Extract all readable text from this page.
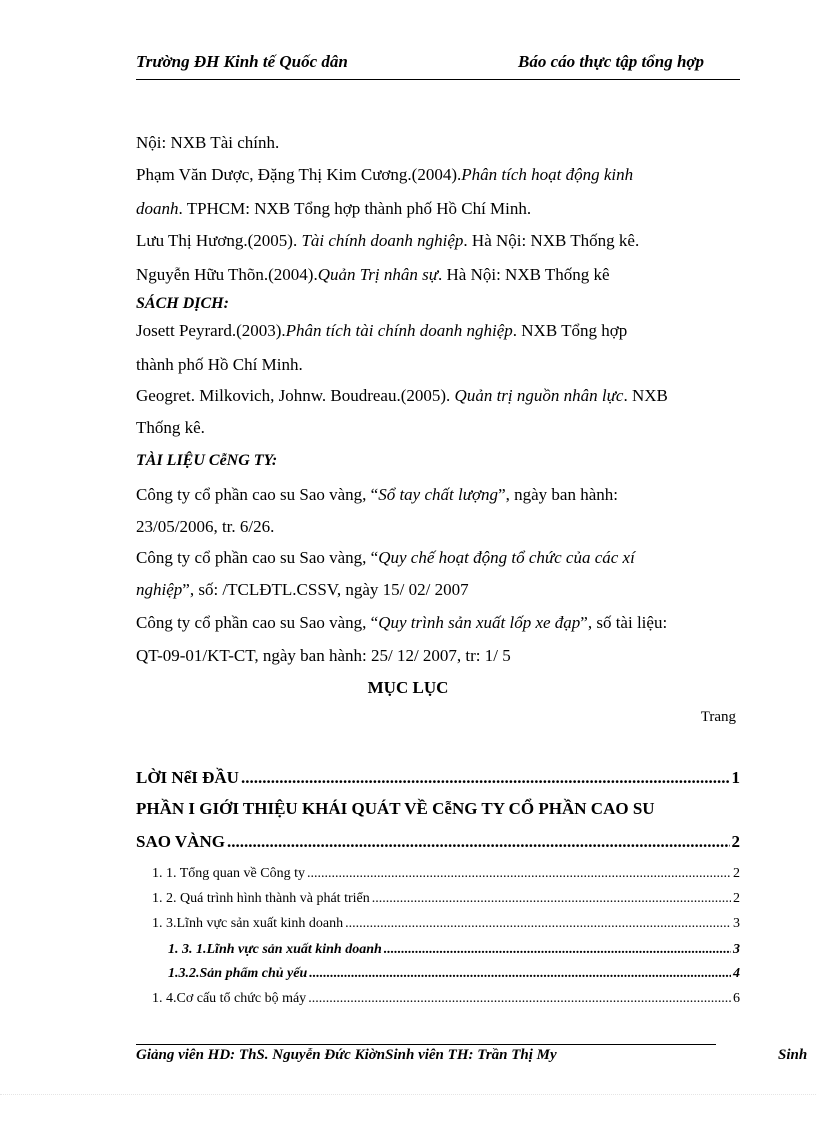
Trường ĐH Kinh tế Quốc dân	Báo cáo thực tập tổng hợp
Nội: NXB Tài chính.
Phạm Văn Dược, Đặng Thị Kim Cương.(2004).Phân tích hoạt động kinh
doanh. TPHCM: NXB Tổng hợp thành phố Hồ Chí Minh.
Lưu Thị Hương.(2005). Tài chính doanh nghiệp. Hà Nội: NXB Thống kê.
Nguyễn Hữu Thõn.(2004).Quản Trị nhân sự. Hà Nội: NXB Thống kê
SÁCH DỊCH:
Josett Peyrard.(2003).Phân tích tài chính doanh nghiệp. NXB Tổng hợp
thành phố Hồ Chí Minh.
Geogret. Milkovich, Johnw. Boudreau.(2005). Quản trị nguồn nhân lực. NXB
Thống kê.
TÀI LIỆU CễNG TY:
Công ty cổ phần cao su Sao vàng, “Sổ tay chất lượng”, ngày ban hành:
23/05/2006, tr. 6/26.
Công ty cổ phần cao su Sao vàng, “Quy chế hoạt động tổ chức của các xí
nghiệp”, số: /TCLĐTL.CSSV, ngày 15/ 02/ 2007
Công ty cổ phần cao su Sao vàng, “Quy trình sản xuất lốp xe đạp”, số tài liệu:
QT-09-01/KT-CT, ngày ban hành: 25/ 12/ 2007, tr: 1/ 5
MỤC LỤC
Trang
LỜI NểI ĐẦU .....	1
PHẦN I GIỚI THIỆU KHÁI QUÁT VỀ CễNG TY CỔ PHẦN CAO SU
SAO VÀNG .....	2
1. 1. Tổng quan về Công ty .....	2
1. 2. Quá trình hình thành và phát triển .....	2
1. 3.Lĩnh vực sản xuất kinh doanh .....	3
1. 3. 1.Lĩnh vực sản xuất kinh doanh .....	3
1.3.2.Sản phẩm chủ yếu .....	4
1. 4.Cơ cấu tổ chức bộ máy .....	6
Giảng viên HD: ThS. Nguyễn Đức KiờnSinh viên TH: Trần Thị My	Sinh
